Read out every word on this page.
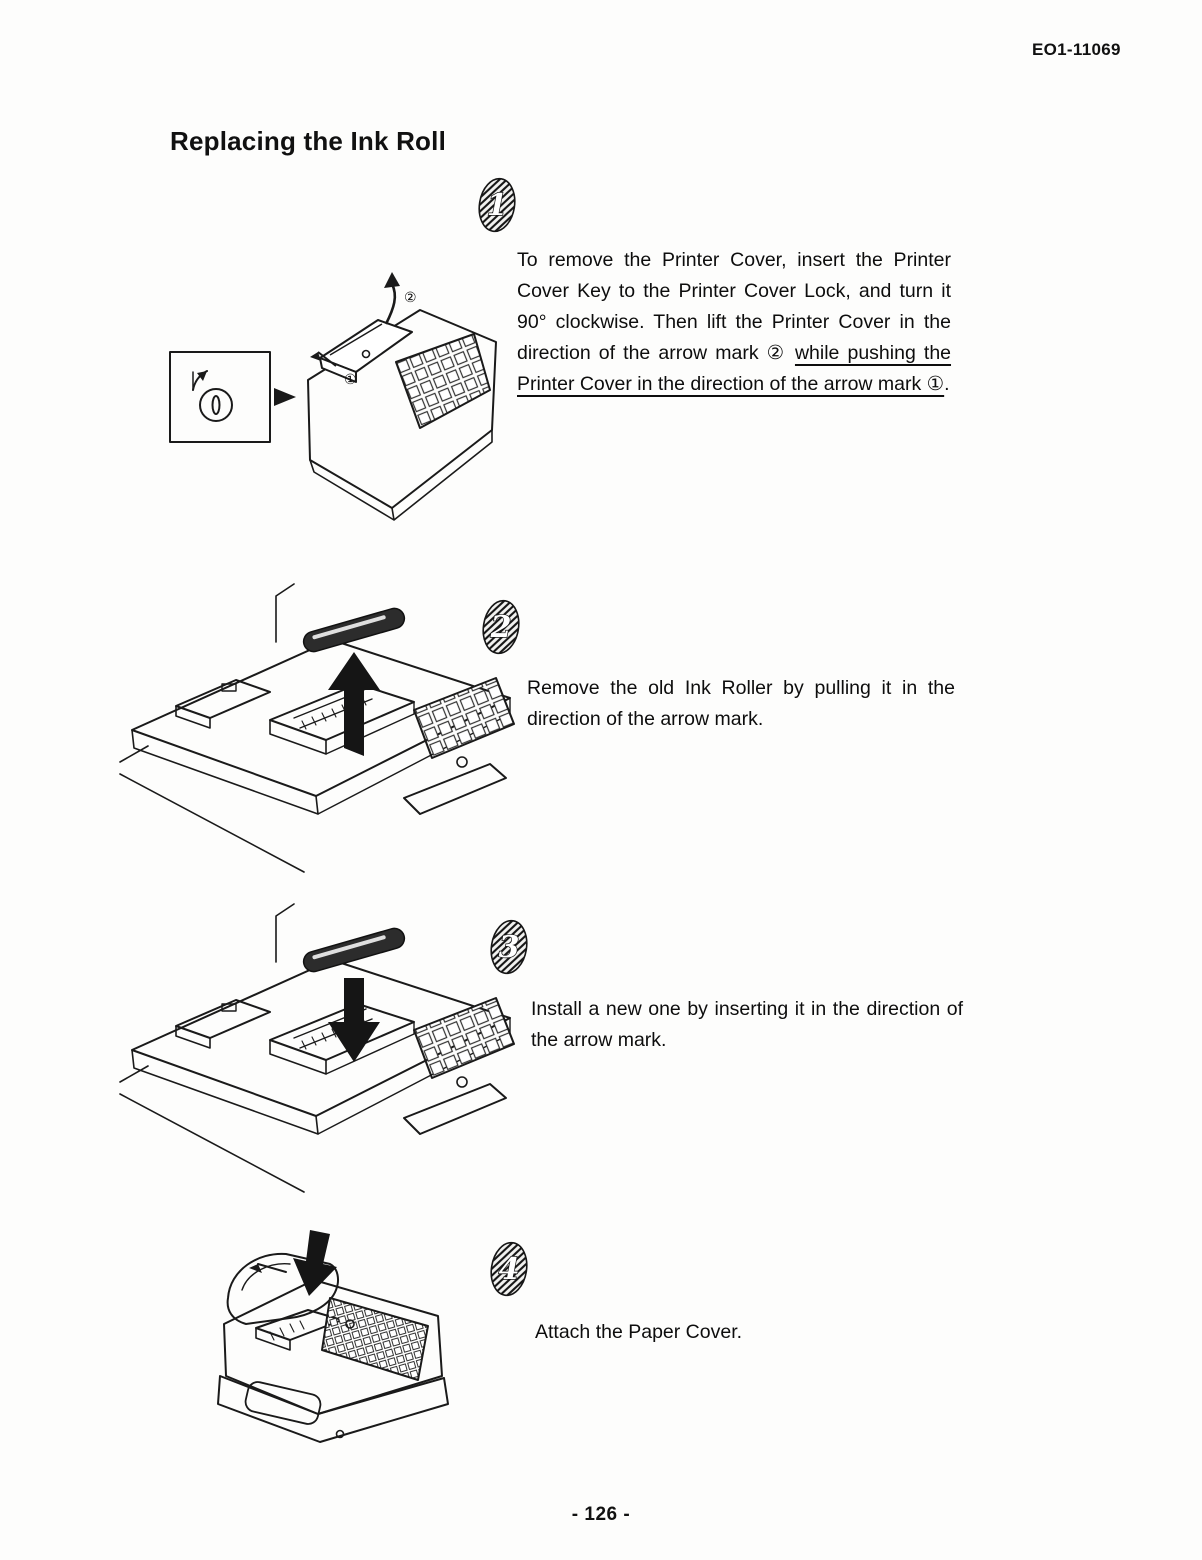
EO1-11069
Replacing the Ink Roll
1

To remove the Printer Cover, insert the Printer Cover Key to the Printer Cover Lock, and turn it 90° clockwise. Then lift the Printer Cover in the direction of the arrow mark ② while pushing the Printer Cover in the direction of the arrow mark ①.

①
②
2

Remove the old Ink Roller by pulling it in the direction of the arrow mark.

3

Install a new one by inserting it in the direction of the arrow mark.

4

Attach the Paper Cover.

- 126 -
